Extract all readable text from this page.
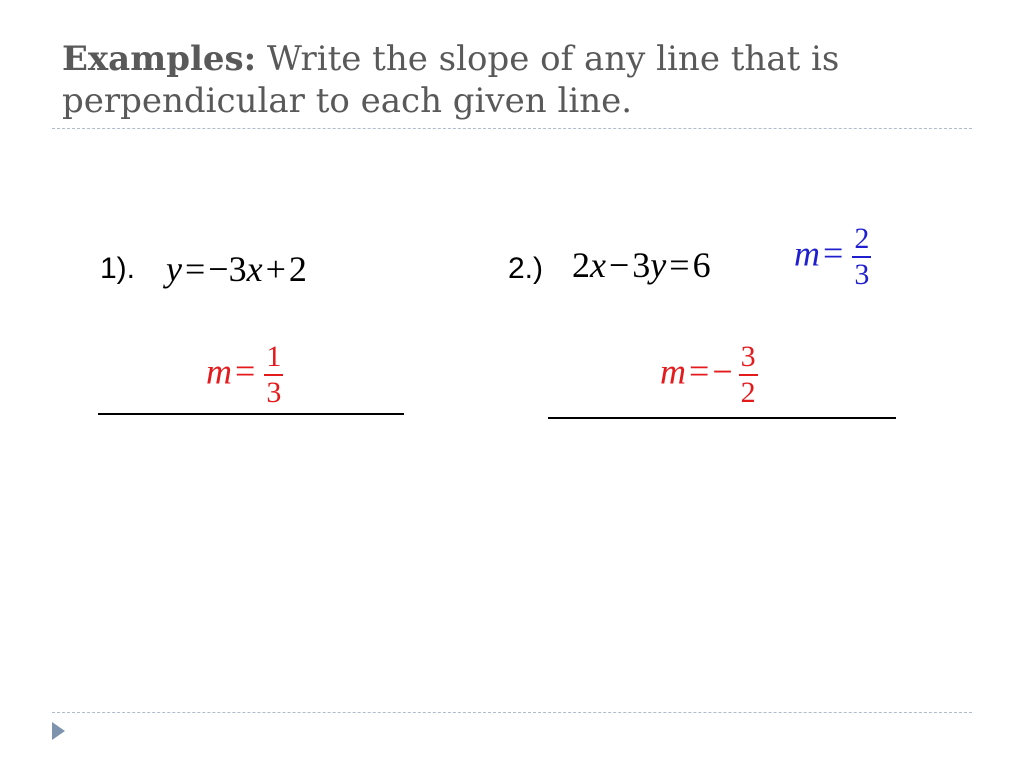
Examples: Write the slope of any line that is perpendicular to each given line.
1). y=−3x+2
$m= \frac{1}{3}$
2.) 2x−3y=6 $m= \frac{2}{3}$
$m=- \frac{3}{2}$
